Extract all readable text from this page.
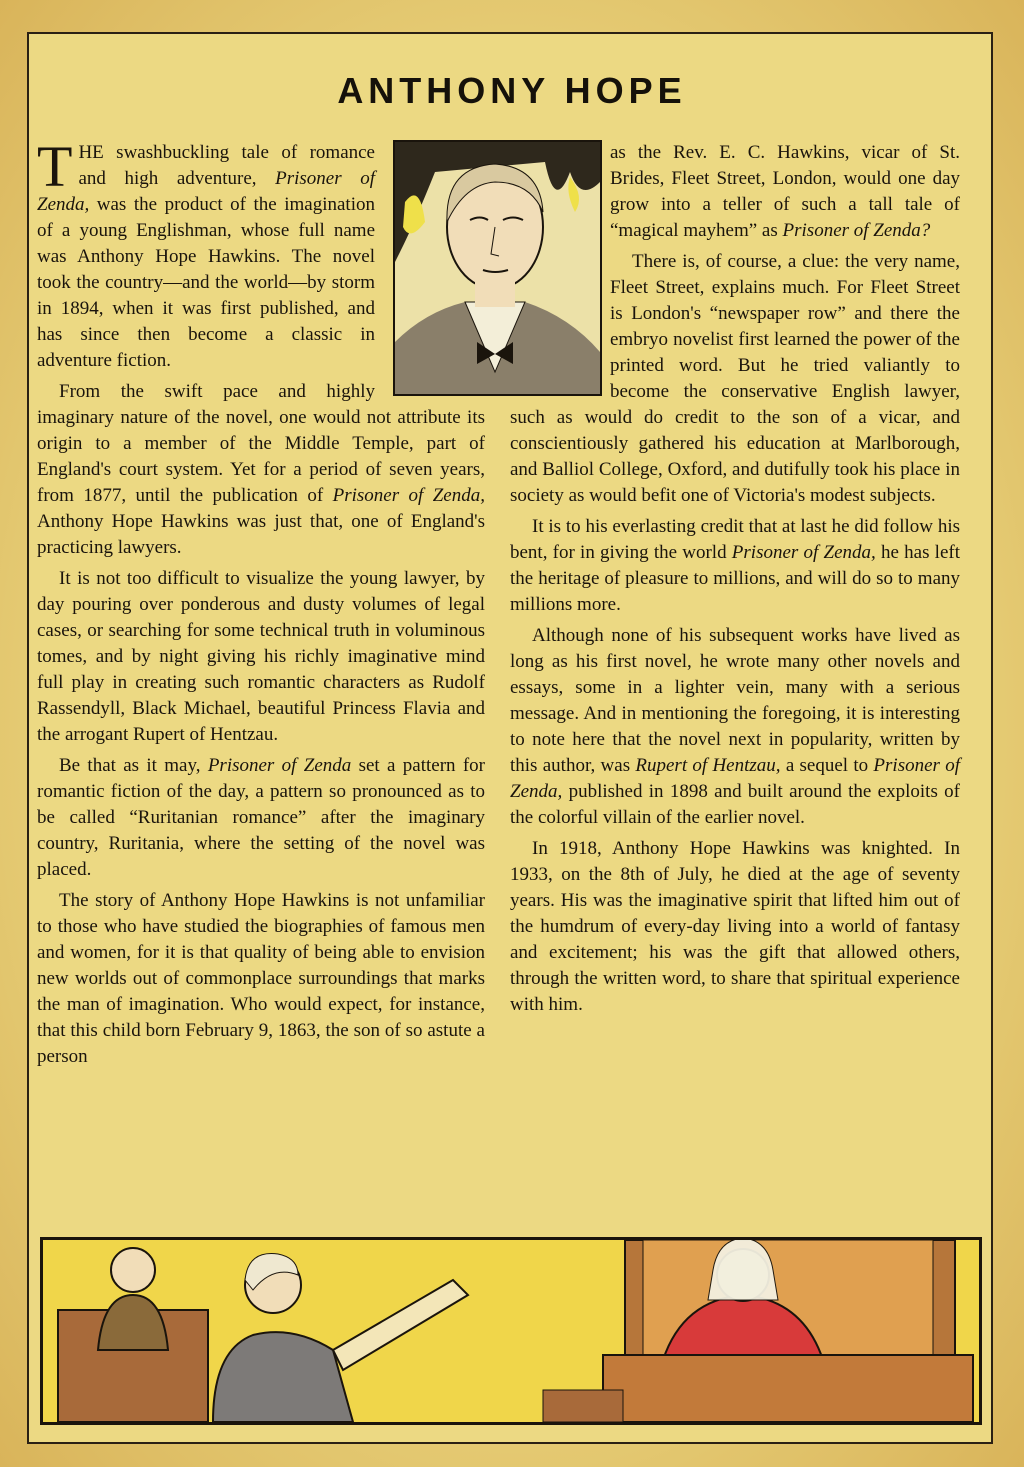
ANTHONY HOPE

THE swashbuckling tale of romance and high adventure, Prisoner of Zenda, was the product of the imagination of a young Englishman, whose full name was Anthony Hope Hawkins. The novel took the country—and the world—by storm in 1894, when it was first published, and has since then become a classic in adventure fiction.

From the swift pace and highly imaginary nature of the novel, one would not attribute its origin to a member of the Middle Temple, part of England's court system. Yet for a period of seven years, from 1877, until the publication of Prisoner of Zenda, Anthony Hope Hawkins was just that, one of England's practicing lawyers.

It is not too difficult to visualize the young lawyer, by day pouring over ponderous and dusty volumes of legal cases, or searching for some technical truth in voluminous tomes, and by night giving his richly imaginative mind full play in creating such romantic characters as Rudolf Rassendyll, Black Michael, beautiful Princess Flavia and the arrogant Rupert of Hentzau.

Be that as it may, Prisoner of Zenda set a pattern for romantic fiction of the day, a pattern so pronounced as to be called “Ruritanian romance” after the imaginary country, Ruritania, where the setting of the novel was placed.

The story of Anthony Hope Hawkins is not unfamiliar to those who have studied the biographies of famous men and women, for it is that quality of being able to envision new worlds out of commonplace surroundings that marks the man of imagination. Who would expect, for instance, that this child born February 9, 1863, the son of so astute a person

as the Rev. E. C. Hawkins, vicar of St. Brides, Fleet Street, London, would one day grow into a teller of such a tall tale of “magical mayhem” as Prisoner of Zenda?

There is, of course, a clue: the very name, Fleet Street, explains much. For Fleet Street is London's “newspaper row” and there the embryo novelist first learned the power of the printed word. But he tried valiantly to become the conservative English lawyer, such as would do credit to the son of a vicar, and conscientiously gathered his education at Marlborough, and Balliol College, Oxford, and dutifully took his place in society as would befit one of Victoria's modest subjects.

It is to his everlasting credit that at last he did follow his bent, for in giving the world Prisoner of Zenda, he has left the heritage of pleasure to millions, and will do so to many millions more.

Although none of his subsequent works have lived as long as his first novel, he wrote many other novels and essays, some in a lighter vein, many with a serious message. And in mentioning the foregoing, it is interesting to note here that the novel next in popularity, written by this author, was Rupert of Hentzau, a sequel to Prisoner of Zenda, published in 1898 and built around the exploits of the colorful villain of the earlier novel.

In 1918, Anthony Hope Hawkins was knighted. In 1933, on the 8th of July, he died at the age of seventy years. His was the imaginative spirit that lifted him out of the humdrum of every-day living into a world of fantasy and excitement; his was the gift that allowed others, through the written word, to share that spiritual experience with him.
